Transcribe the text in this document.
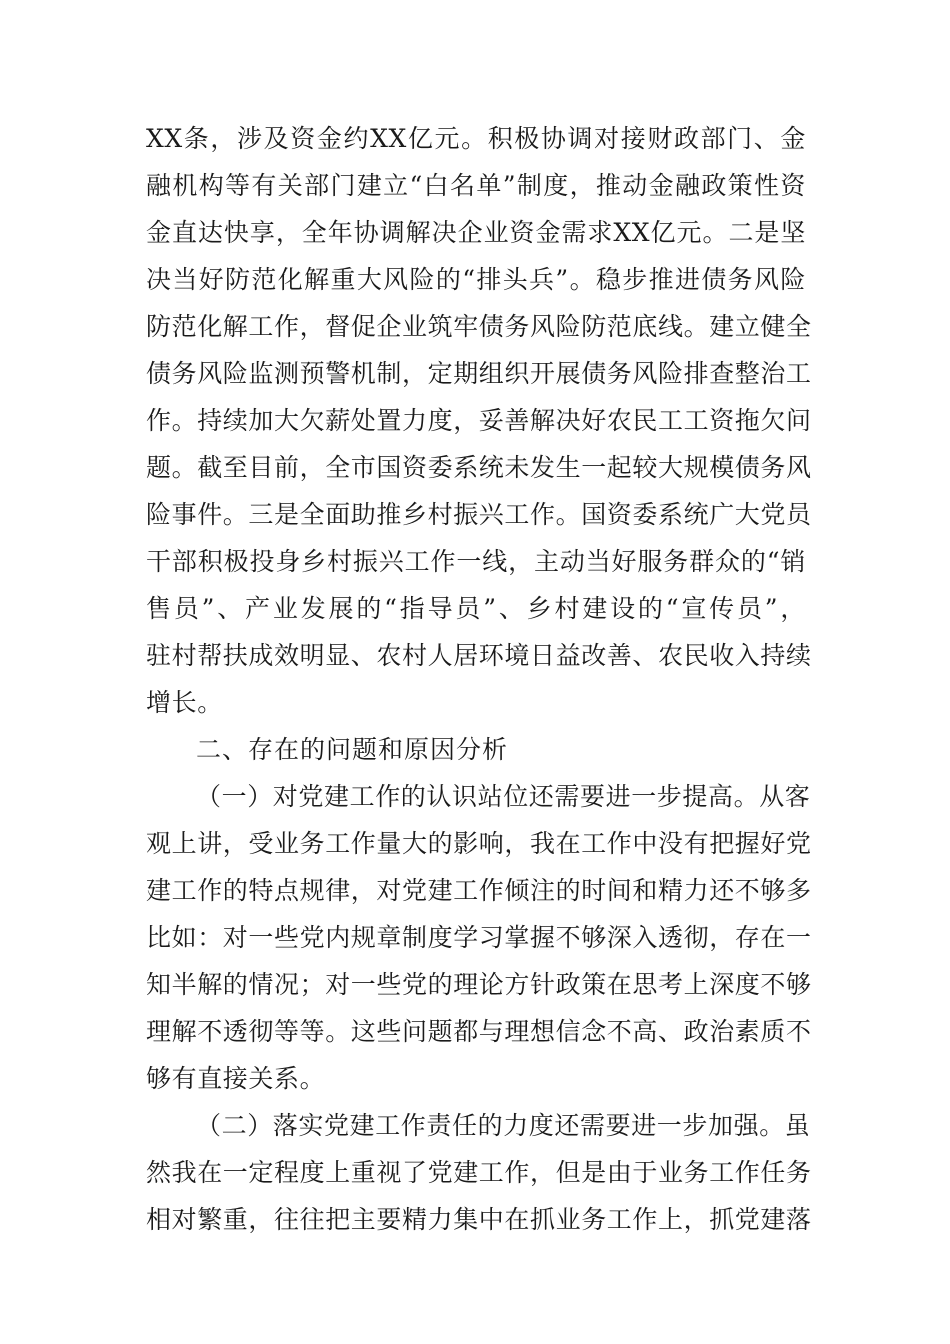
XX条，涉及资金约XX亿元。积极协调对接财政部门、金
融机构等有关部门建立“白名单”制度，推动金融政策性资
金直达快享，全年协调解决企业资金需求XX亿元。二是坚
决当好防范化解重大风险的“排头兵”。稳步推进债务风险
防范化解工作，督促企业筑牢债务风险防范底线。建立健全
债务风险监测预警机制，定期组织开展债务风险排查整治工
作。持续加大欠薪处置力度，妥善解决好农民工工资拖欠问
题。截至目前，全市国资委系统未发生一起较大规模债务风
险事件。三是全面助推乡村振兴工作。国资委系统广大党员
干部积极投身乡村振兴工作一线，主动当好服务群众的“销
售员”、产业发展的“指导员”、乡村建设的“宣传员”，
驻村帮扶成效明显、农村人居环境日益改善、农民收入持续
增长。
二、存在的问题和原因分析
（一）对党建工作的认识站位还需要进一步提高。从客
观上讲，受业务工作量大的影响，我在工作中没有把握好党
建工作的特点规律，对党建工作倾注的时间和精力还不够多
比如：对一些党内规章制度学习掌握不够深入透彻，存在一
知半解的情况；对一些党的理论方针政策在思考上深度不够
理解不透彻等等。这些问题都与理想信念不高、政治素质不
够有直接关系。
（二）落实党建工作责任的力度还需要进一步加强。虽
然我在一定程度上重视了党建工作，但是由于业务工作任务
相对繁重，往往把主要精力集中在抓业务工作上，抓党建落
